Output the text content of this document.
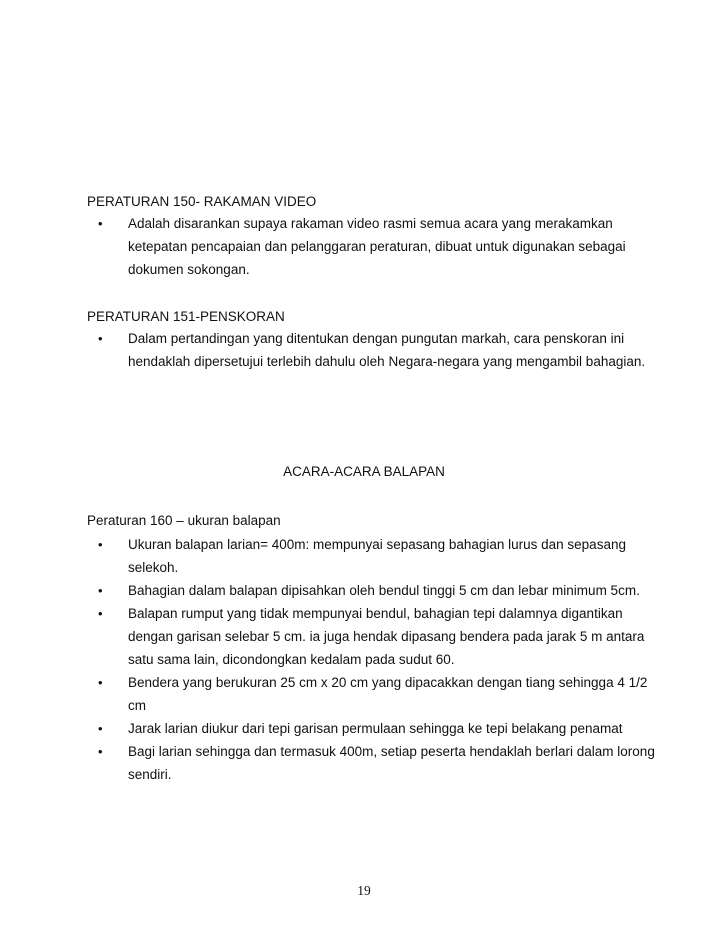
PERATURAN 150- RAKAMAN VIDEO

• Adalah disarankan supaya rakaman video rasmi semua acara yang merakamkan ketepatan pencapaian dan pelanggaran peraturan, dibuat untuk digunakan sebagai dokumen sokongan.

PERATURAN 151-PENSKORAN

• Dalam pertandingan yang ditentukan dengan pungutan markah, cara penskoran ini hendaklah dipersetujui terlebih dahulu oleh Negara-negara yang mengambil bahagian.
ACARA-ACARA BALAPAN

Peraturan 160 – ukuran balapan

• Ukuran balapan larian= 400m: mempunyai sepasang bahagian lurus dan sepasang selekoh.
• Bahagian dalam balapan dipisahkan oleh bendul tinggi 5 cm dan lebar minimum 5cm.
• Balapan rumput yang tidak mempunyai bendul, bahagian tepi dalamnya digantikan dengan garisan selebar 5 cm. ia juga hendak dipasang bendera pada jarak 5 m antara satu sama lain, dicondongkan kedalam pada sudut 60.
• Bendera yang berukuran 25 cm x 20 cm yang dipacakkan dengan tiang sehingga 4 1/2 cm
• Jarak larian diukur dari tepi garisan permulaan sehingga ke tepi belakang penamat
• Bagi larian sehingga dan termasuk 400m, setiap peserta hendaklah berlari dalam lorong sendiri.
19
